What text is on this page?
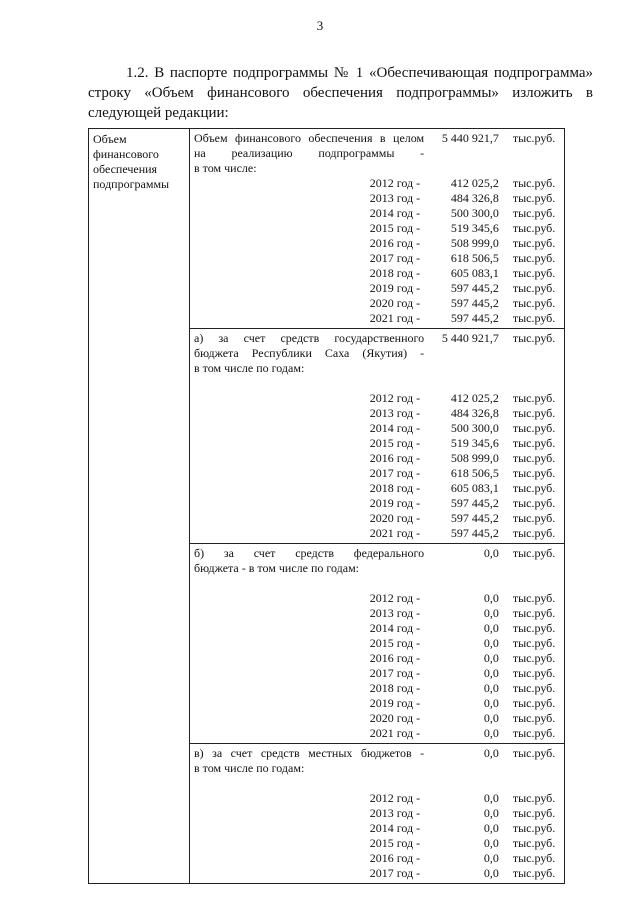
3
1.2. В паспорте подпрограммы № 1 «Обеспечивающая подпрограмма»
строку «Объем финансового обеспечения подпрограммы» изложить в
следующей редакции:
Объем
финансового
обеспечения
подпрограммы

Объем финансового обеспечения в целом	5 440 921,7	тыс.руб.
на реализацию подпрограммы -
в том числе:
2012 год -	412 025,2	тыс.руб.
2013 год -	484 326,8	тыс.руб.
2014 год -	500 300,0	тыс.руб.
2015 год -	519 345,6	тыс.руб.
2016 год -	508 999,0	тыс.руб.
2017 год -	618 506,5	тыс.руб.
2018 год -	605 083,1	тыс.руб.
2019 год -	597 445,2	тыс.руб.
2020 год -	597 445,2	тыс.руб.
2021 год -	597 445,2	тыс.руб.

а) за счет средств государственного	5 440 921,7	тыс.руб.
бюджета Республики Саха (Якутия) -
в том числе по годам:
2012 год -	412 025,2	тыс.руб.
2013 год -	484 326,8	тыс.руб.
2014 год -	500 300,0	тыс.руб.
2015 год -	519 345,6	тыс.руб.
2016 год -	508 999,0	тыс.руб.
2017 год -	618 506,5	тыс.руб.
2018 год -	605 083,1	тыс.руб.
2019 год -	597 445,2	тыс.руб.
2020 год -	597 445,2	тыс.руб.
2021 год -	597 445,2	тыс.руб.

б) за счет средств федерального	0,0	тыс.руб.
бюджета - в том числе по годам:
2012 год -	0,0	тыс.руб.
2013 год -	0,0	тыс.руб.
2014 год -	0,0	тыс.руб.
2015 год -	0,0	тыс.руб.
2016 год -	0,0	тыс.руб.
2017 год -	0,0	тыс.руб.
2018 год -	0,0	тыс.руб.
2019 год -	0,0	тыс.руб.
2020 год -	0,0	тыс.руб.
2021 год -	0,0	тыс.руб.

в) за счет средств местных бюджетов -	0,0	тыс.руб.
в том числе по годам:
2012 год -	0,0	тыс.руб.
2013 год -	0,0	тыс.руб.
2014 год -	0,0	тыс.руб.
2015 год -	0,0	тыс.руб.
2016 год -	0,0	тыс.руб.
2017 год -	0,0	тыс.руб.
